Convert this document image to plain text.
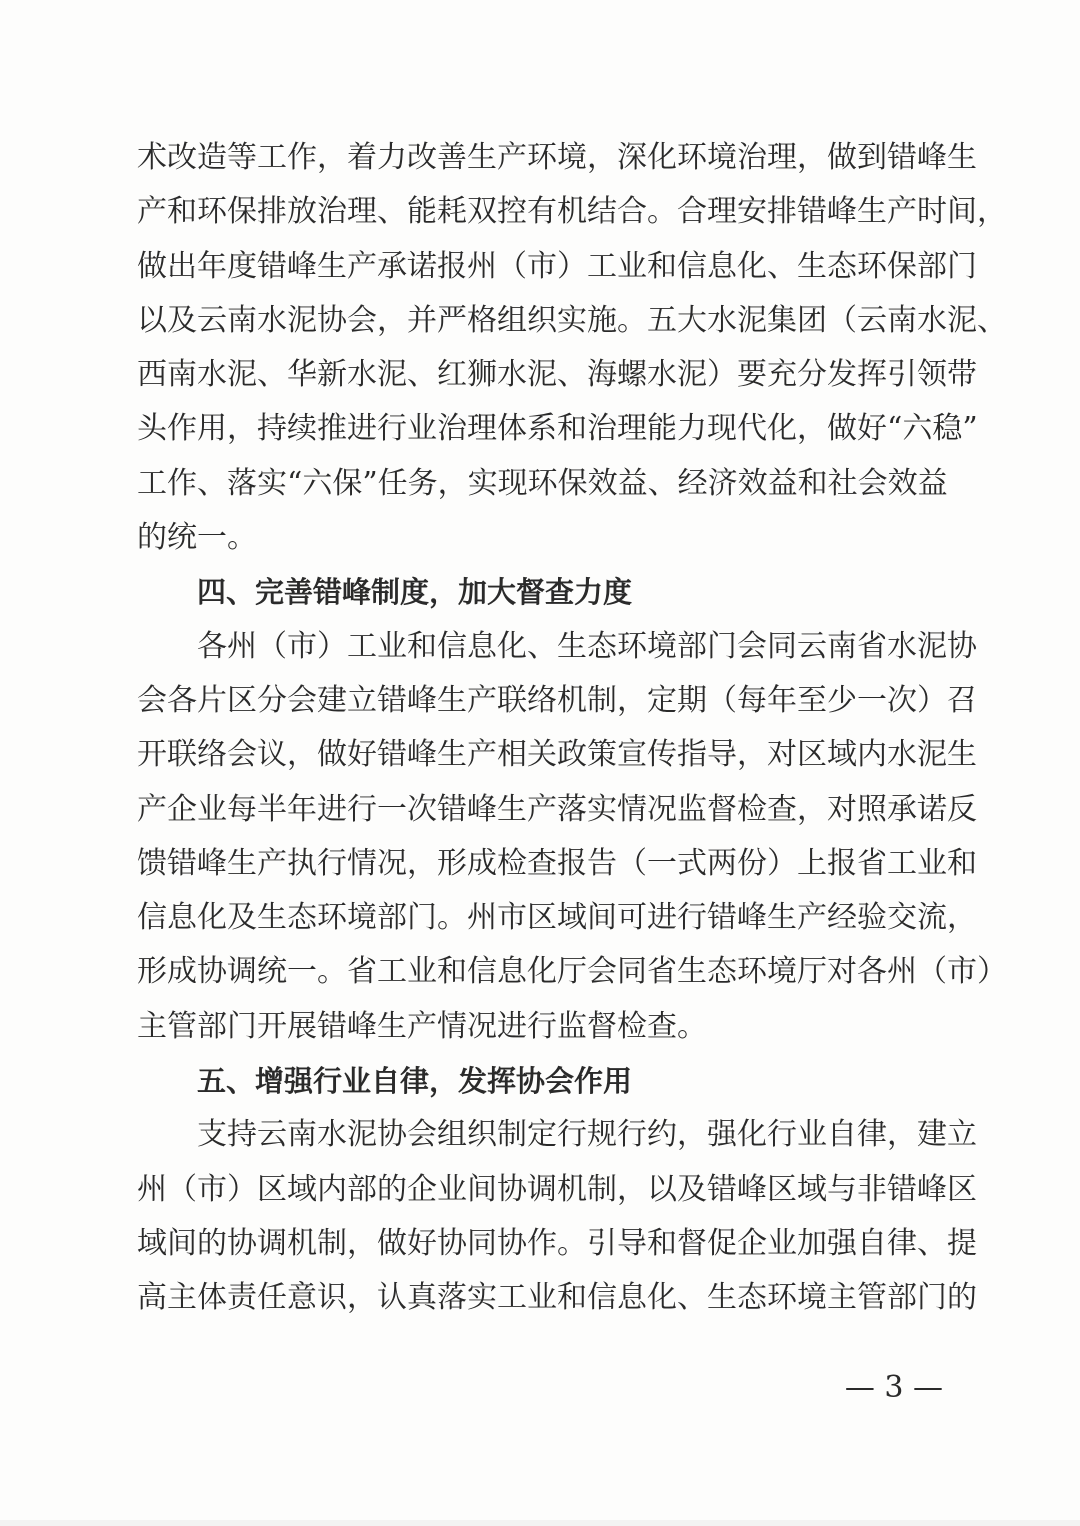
术改造等工作，着力改善生产环境，深化环境治理，做到错峰生
产和环保排放治理、能耗双控有机结合。合理安排错峰生产时间，
做出年度错峰生产承诺报州（市）工业和信息化、生态环保部门
以及云南水泥协会，并严格组织实施。五大水泥集团（云南水泥、
西南水泥、华新水泥、红狮水泥、海螺水泥）要充分发挥引领带
头作用，持续推进行业治理体系和治理能力现代化，做好“六稳”
工作、落实“六保”任务，实现环保效益、经济效益和社会效益
的统一。
四、完善错峰制度，加大督查力度
各州（市）工业和信息化、生态环境部门会同云南省水泥协
会各片区分会建立错峰生产联络机制，定期（每年至少一次）召
开联络会议，做好错峰生产相关政策宣传指导，对区域内水泥生
产企业每半年进行一次错峰生产落实情况监督检查，对照承诺反
馈错峰生产执行情况，形成检查报告（一式两份）上报省工业和
信息化及生态环境部门。州市区域间可进行错峰生产经验交流，
形成协调统一。省工业和信息化厅会同省生态环境厅对各州（市）
主管部门开展错峰生产情况进行监督检查。
五、增强行业自律，发挥协会作用
支持云南水泥协会组织制定行规行约，强化行业自律，建立
州（市）区域内部的企业间协调机制，以及错峰区域与非错峰区
域间的协调机制，做好协同协作。引导和督促企业加强自律、提
高主体责任意识，认真落实工业和信息化、生态环境主管部门的
— 3 —
